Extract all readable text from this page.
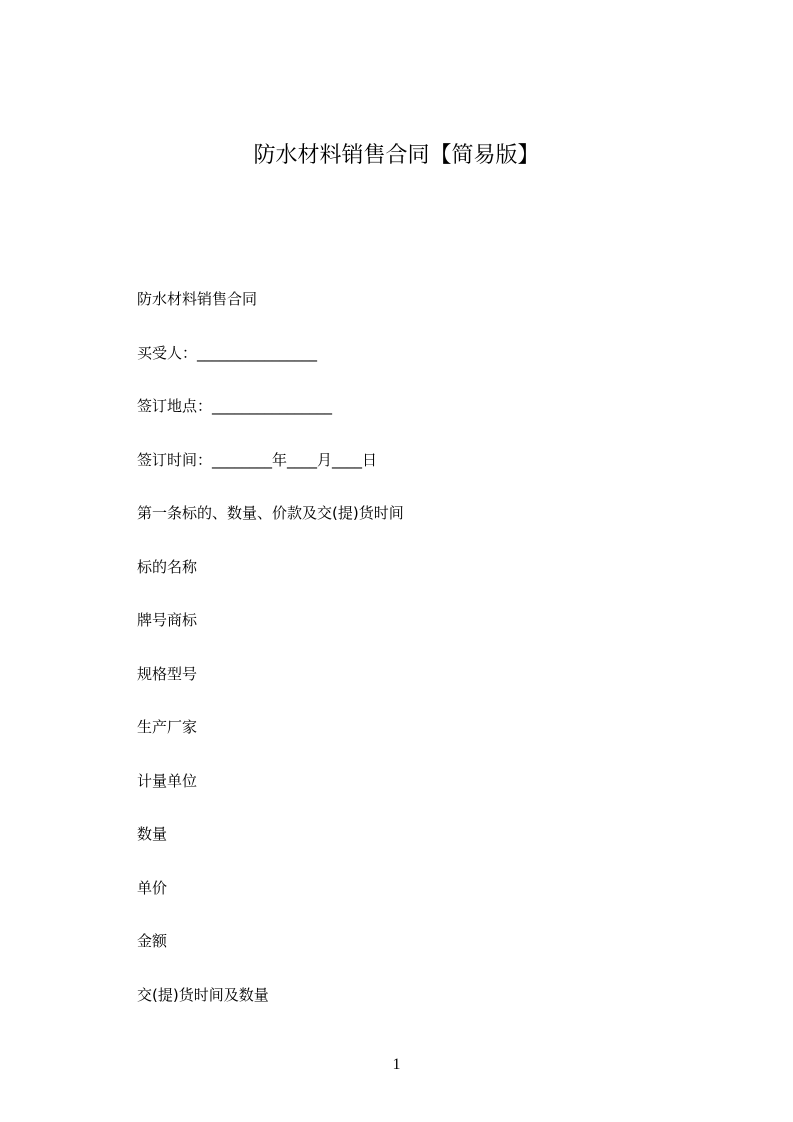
防水材料销售合同【简易版】

防水材料销售合同

买受人：________________

签订地点：________________

签订时间：________年____月____日

第一条标的、数量、价款及交(提)货时间

标的名称

牌号商标

规格型号

生产厂家

计量单位

数量

单价

金额

交(提)货时间及数量

1
